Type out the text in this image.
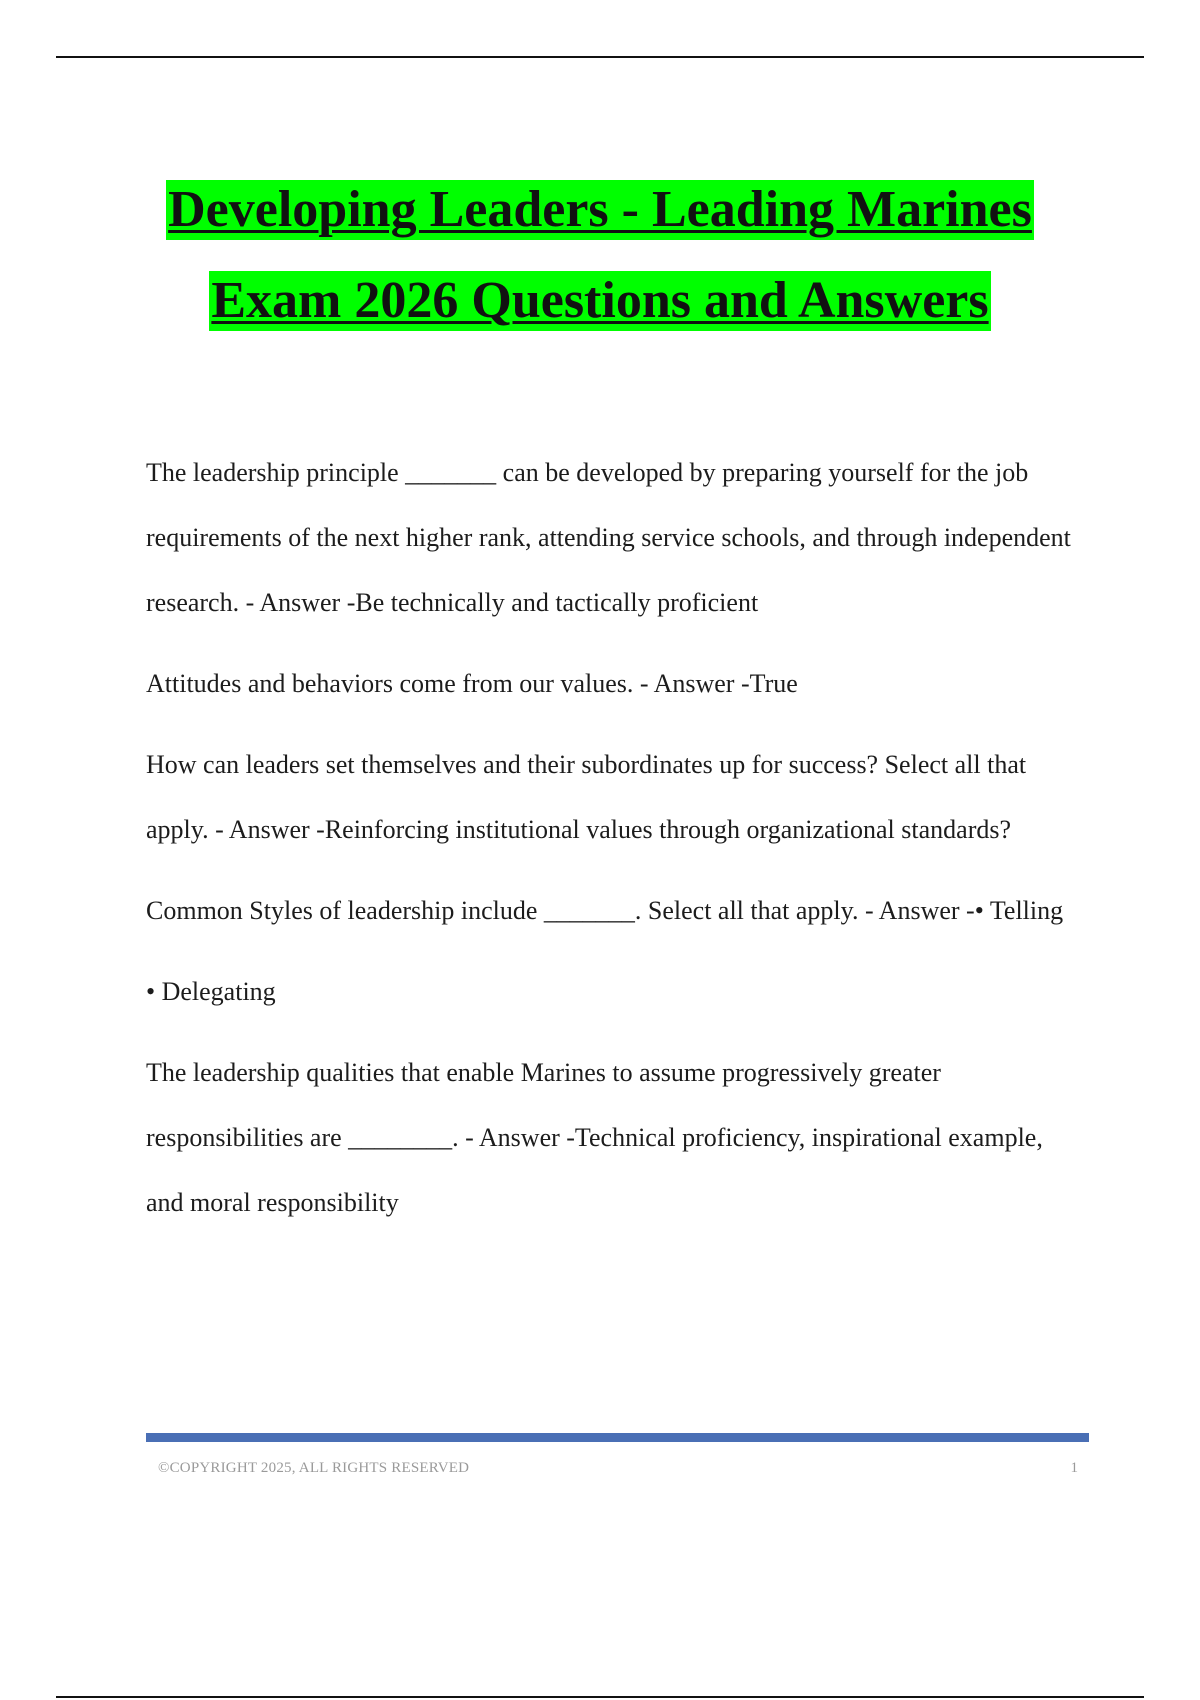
Developing Leaders - Leading Marines
Exam 2026 Questions and Answers

The leadership principle _______ can be developed by preparing yourself for the job requirements of the next higher rank, attending service schools, and through independent research. - Answer -Be technically and tactically proficient

Attitudes and behaviors come from our values. - Answer -True

How can leaders set themselves and their subordinates up for success? Select all that apply. - Answer -Reinforcing institutional values through organizational standards?

Common Styles of leadership include _______. Select all that apply. - Answer -• Telling

• Delegating

The leadership qualities that enable Marines to assume progressively greater responsibilities are ________. - Answer -Technical proficiency, inspirational example, and moral responsibility

©COPYRIGHT 2025, ALL RIGHTS RESERVED	1
